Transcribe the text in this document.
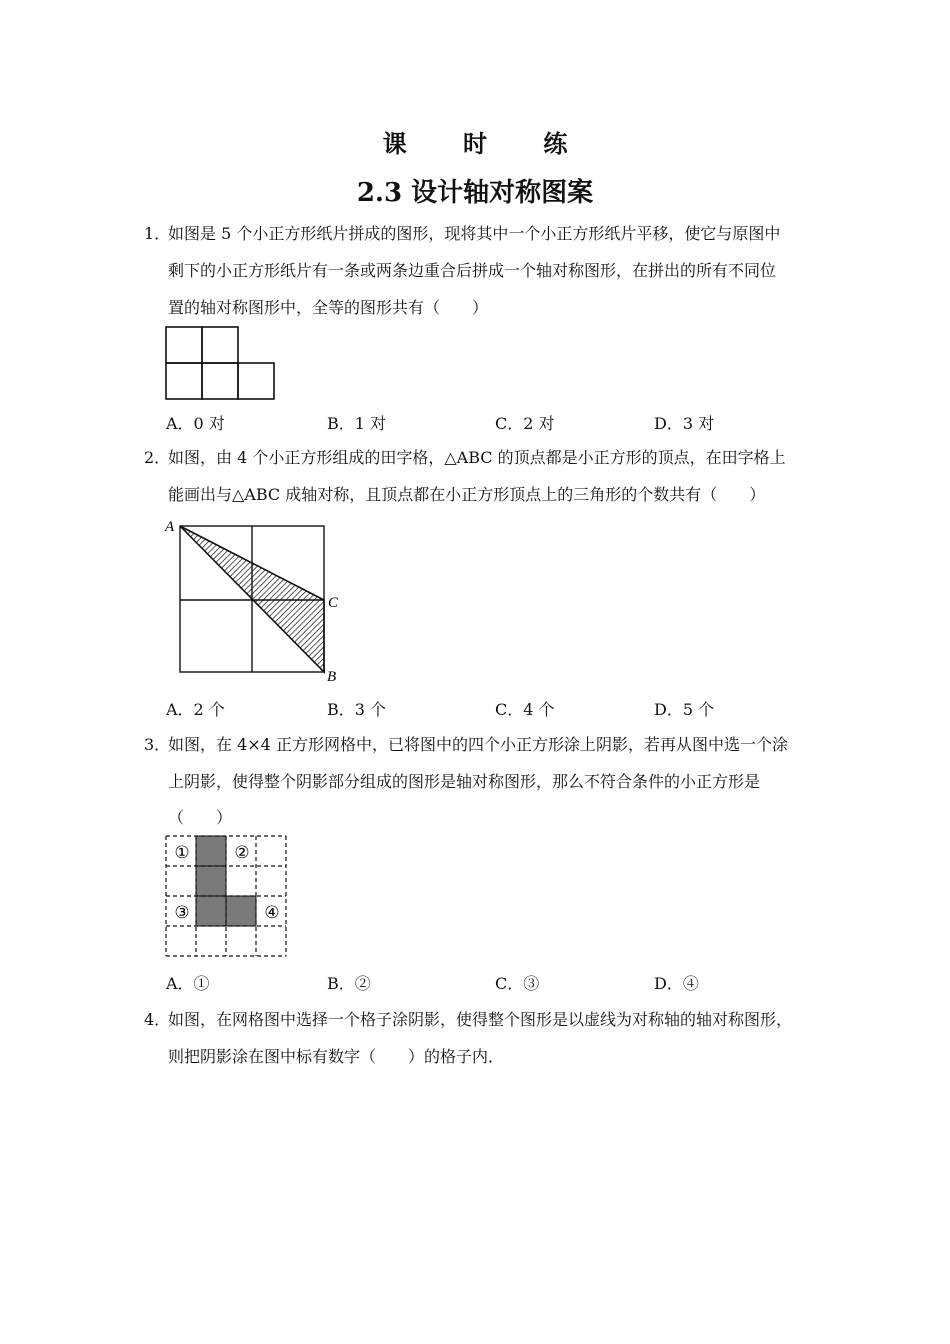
课 时 练
2.3 设计轴对称图案
1．
如图是 5 个小正方形纸片拼成的图形，现将其中一个小正方形纸片平移，使它与原图中
剩下的小正方形纸片有一条或两条边重合后拼成一个轴对称图形，在拼出的所有不同位
置的轴对称图形中，全等的图形共有（　　）
A．0 对	B．1 对	C．2 对	D．3 对
2．
如图，由 4 个小正方形组成的田字格，△ABC 的顶点都是小正方形的顶点，在田字格上
能画出与△ABC 成轴对称，且顶点都在小正方形顶点上的三角形的个数共有（　　）
A
C
B
A．2 个	B．3 个	C．4 个	D．5 个
3．
如图，在 4×4 正方形网格中，已将图中的四个小正方形涂上阴影，若再从图中选一个涂
上阴影，使得整个阴影部分组成的图形是轴对称图形，那么不符合条件的小正方形是
（　　）
①	②
③	④
A．①	B．②	C．③	D．④
4．
如图，在网格图中选择一个格子涂阴影，使得整个图形是以虚线为对称轴的轴对称图形，
则把阴影涂在图中标有数字（　　）的格子内．
